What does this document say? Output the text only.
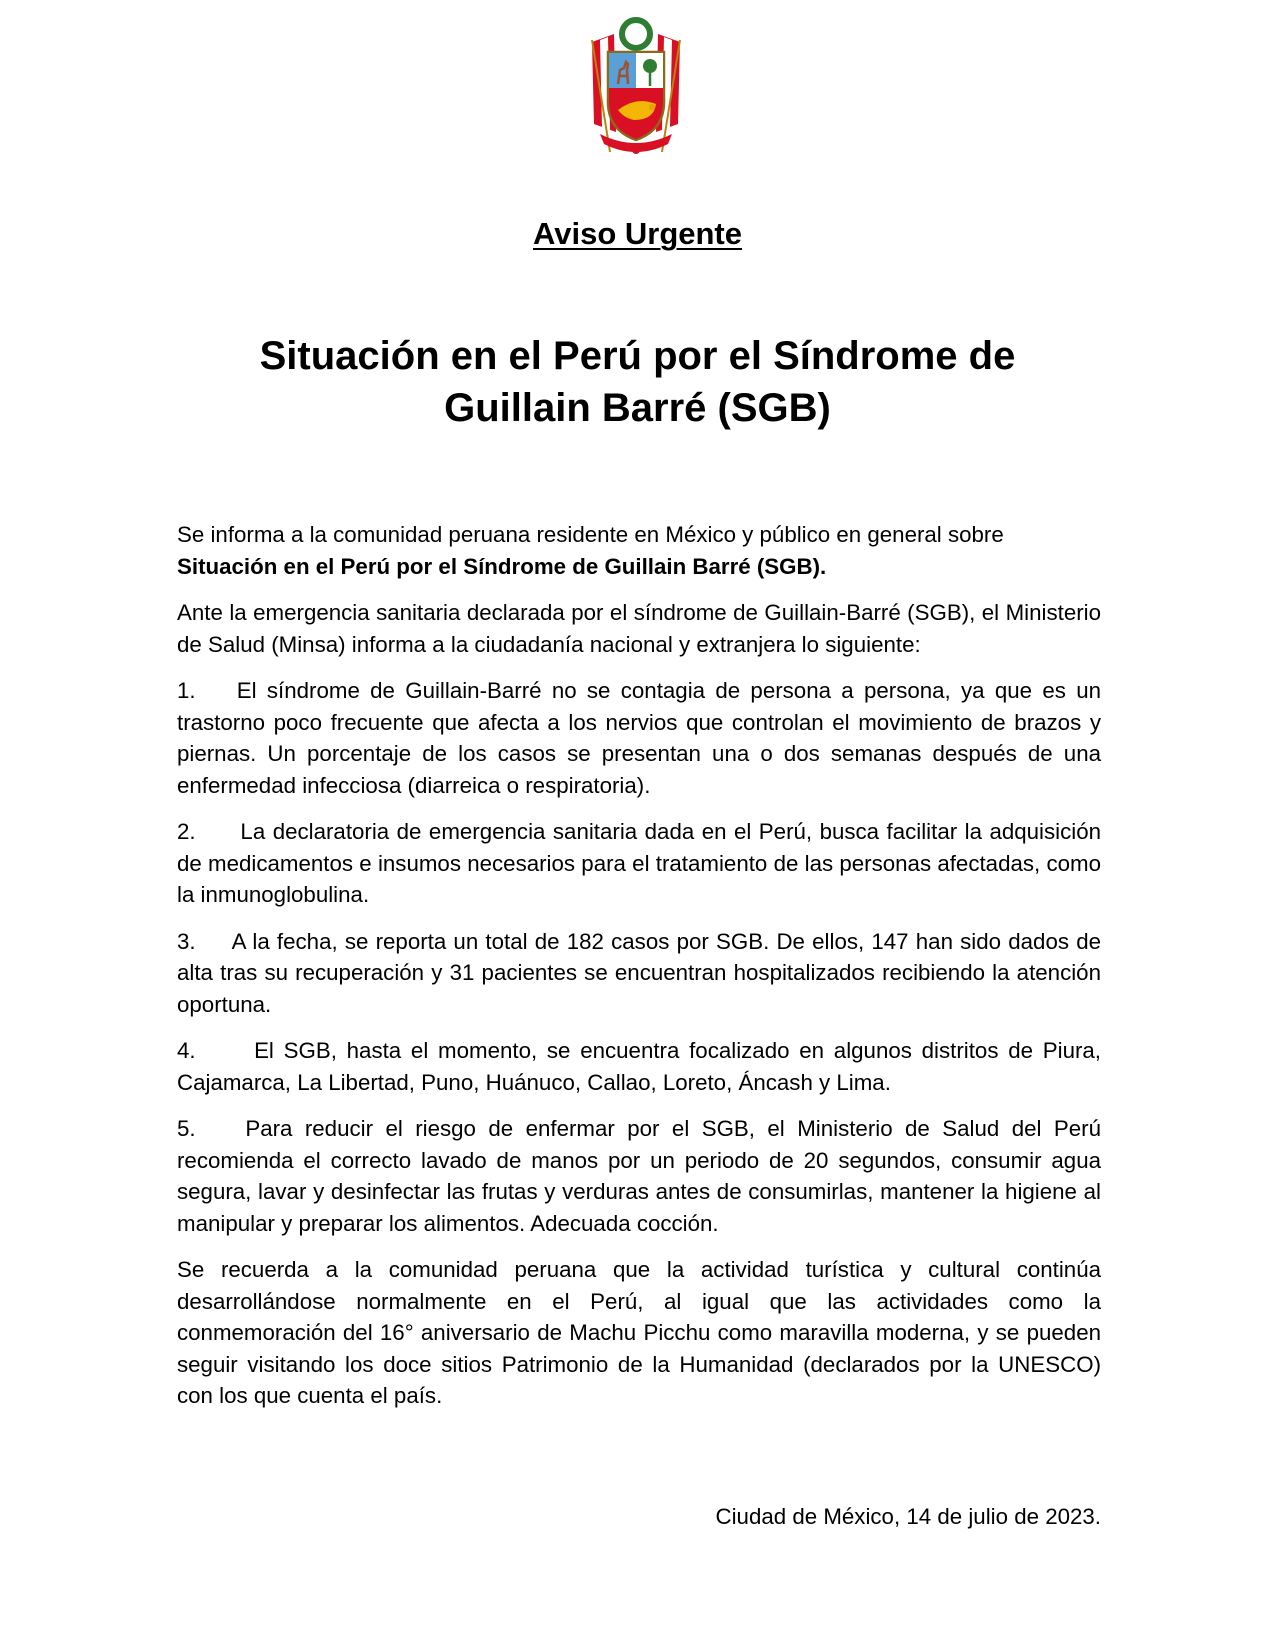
Aviso Urgente
Situación en el Perú por el Síndrome de
Guillain Barré (SGB)

Se informa a la comunidad peruana residente en México y público en general sobre
Situación en el Perú por el Síndrome de Guillain Barré (SGB).

Ante la emergencia sanitaria declarada por el síndrome de Guillain-Barré (SGB), el Ministerio de Salud (Minsa) informa a la ciudadanía nacional y extranjera lo siguiente:

1. El síndrome de Guillain-Barré no se contagia de persona a persona, ya que es un trastorno poco frecuente que afecta a los nervios que controlan el movimiento de brazos y piernas. Un porcentaje de los casos se presentan una o dos semanas después de una enfermedad infecciosa (diarreica o respiratoria).

2. La declaratoria de emergencia sanitaria dada en el Perú, busca facilitar la adquisición de medicamentos e insumos necesarios para el tratamiento de las personas afectadas, como la inmunoglobulina.

3. A la fecha, se reporta un total de 182 casos por SGB. De ellos, 147 han sido dados de alta tras su recuperación y 31 pacientes se encuentran hospitalizados recibiendo la atención oportuna.

4.	El SGB, hasta el momento, se encuentra focalizado en algunos distritos de Piura, Cajamarca, La Libertad, Puno, Huánuco, Callao, Loreto, Áncash y Lima.

5. Para reducir el riesgo de enfermar por el SGB, el Ministerio de Salud del Perú recomienda el correcto lavado de manos por un periodo de 20 segundos, consumir agua segura, lavar y desinfectar las frutas y verduras antes de consumirlas, mantener la higiene al manipular y preparar los alimentos. Adecuada cocción.

Se recuerda a la comunidad peruana que la actividad turística y cultural continúa desarrollándose normalmente en el Perú, al igual que las actividades como la conmemoración del 16° aniversario de Machu Picchu como maravilla moderna, y se pueden seguir visitando los doce sitios Patrimonio de la Humanidad (declarados por la UNESCO) con los que cuenta el país.

Ciudad de México, 14 de julio de 2023.
